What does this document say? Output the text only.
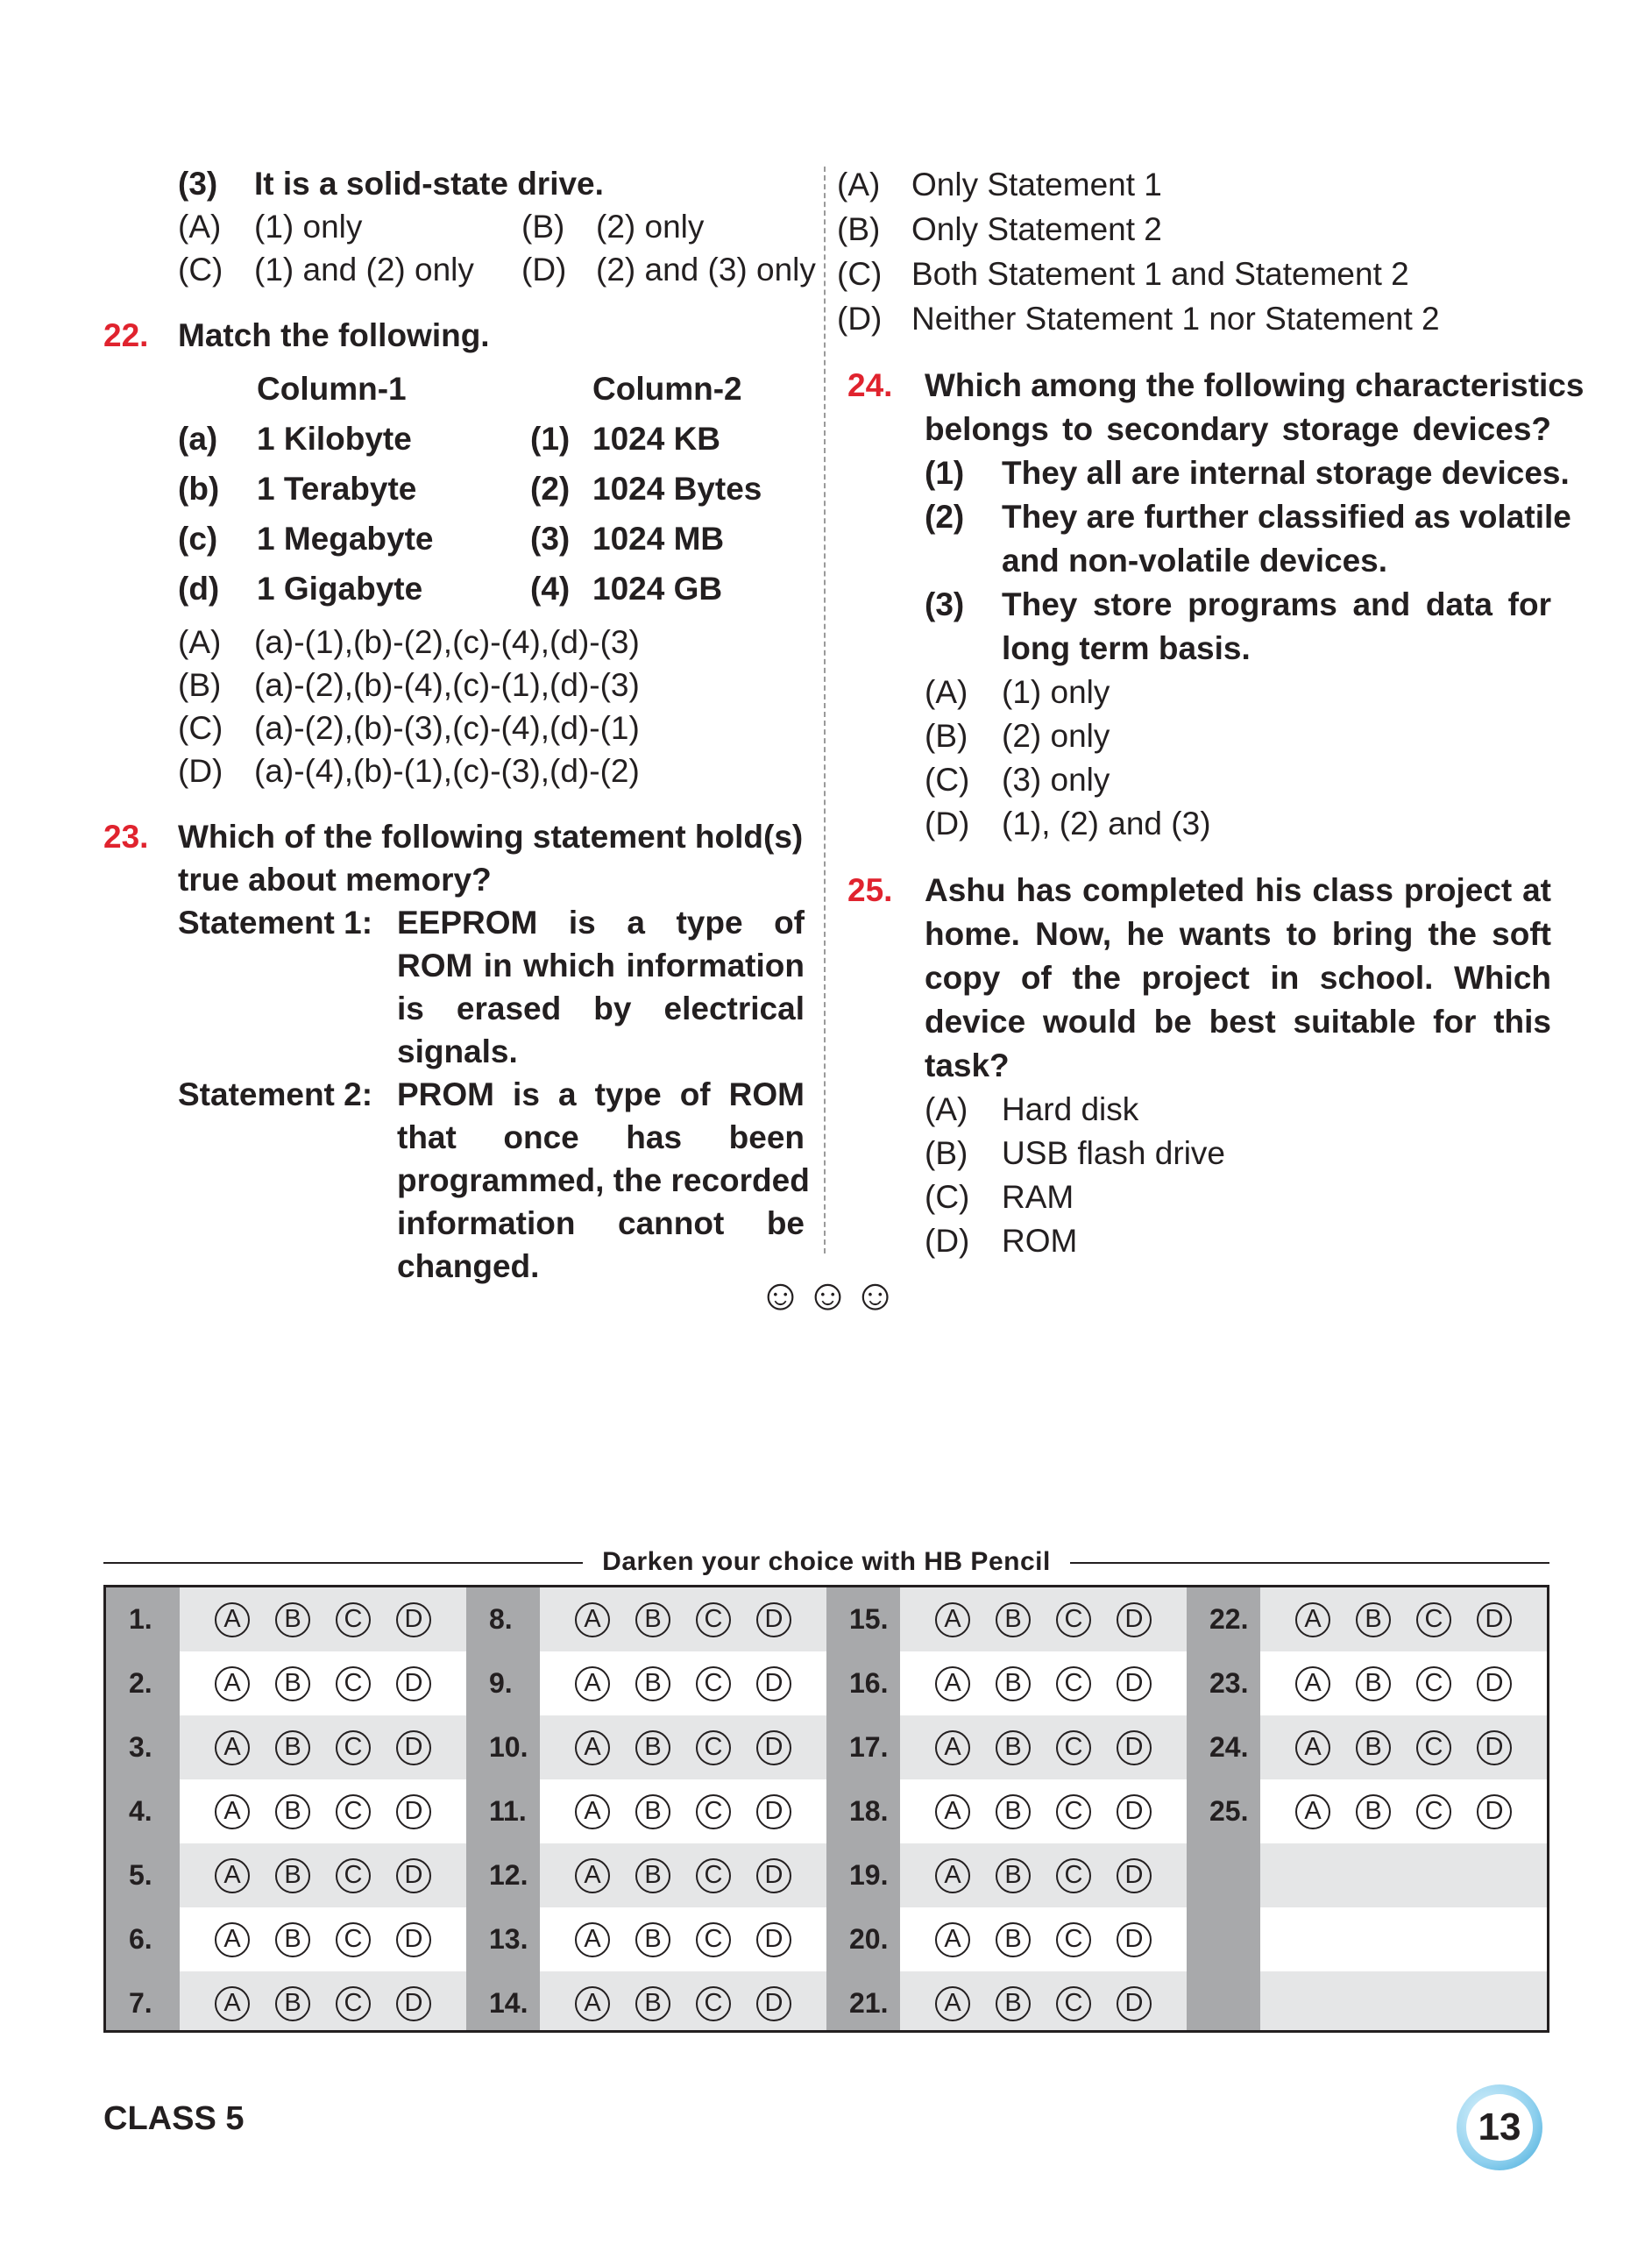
(3) It is a solid-state drive.

(A) (1) only	(B) (2) only

(C) (1) and (2) only (D) (2) and (3) only

22. Match the following.

Column-1	Column-2

(a) 1 Kilobyte	(1) 1024 KB

(b) 1 Terabyte	(2) 1024 Bytes

(c) 1 Megabyte	(3) 1024 MB

(d) 1 Gigabyte	(4) 1024 GB

(A) (a)-(1),(b)-(2),(c)-(4),(d)-(3)

(B) (a)-(2),(b)-(4),(c)-(1),(d)-(3)

(C) (a)-(2),(b)-(3),(c)-(4),(d)-(1)

(D) (a)-(4),(b)-(1),(c)-(3),(d)-(2)

23. Which of the following statement hold(s)

true about memory?

Statement 1: EEPROM is a type of

ROM in which information

is erased by electrical

signals.

Statement 2: PROM is a type of ROM

that once has been

programmed, the recorded

information cannot be

changed.

(A) Only Statement 1

(B) Only Statement 2

(C) Both Statement 1 and Statement 2

(D) Neither Statement 1 nor Statement 2

24. Which among the following characteristics

belongs to secondary storage devices?

(1) They all are internal storage devices.

(2) They are further classified as volatile

and non-volatile devices.

(3) They store programs and data for

long term basis.

(A) (1) only

(B) (2) only

(C) (3) only

(D) (1), (2) and (3)

25. Ashu has completed his class project at

home. Now, he wants to bring the soft

copy of the project in school. Which

device would be best suitable for this

task?

(A) Hard disk

(B) USB flash drive

(C) RAM

(D) ROM

☺☺☺
Darken your choice with HB Pencil
1.	A	B	C	D	8.	A	B	C	D	15.	A	B	C	D	22.	A	B	C	D
2.	A	B	C	D	9.	A	B	C	D	16.	A	B	C	D	23.	A	B	C	D
3.	A	B	C	D	10.	A	B	C	D	17.	A	B	C	D	24.	A	B	C	D
4.	A	B	C	D	11.	A	B	C	D	18.	A	B	C	D	25.	A	B	C	D
5.	A	B	C	D	12.	A	B	C	D	19.	A	B	C	D
6.	A	B	C	D	13.	A	B	C	D	20.	A	B	C	D
7.	A	B	C	D	14.	A	B	C	D	21.	A	B	C	D
CLASS 5	13
